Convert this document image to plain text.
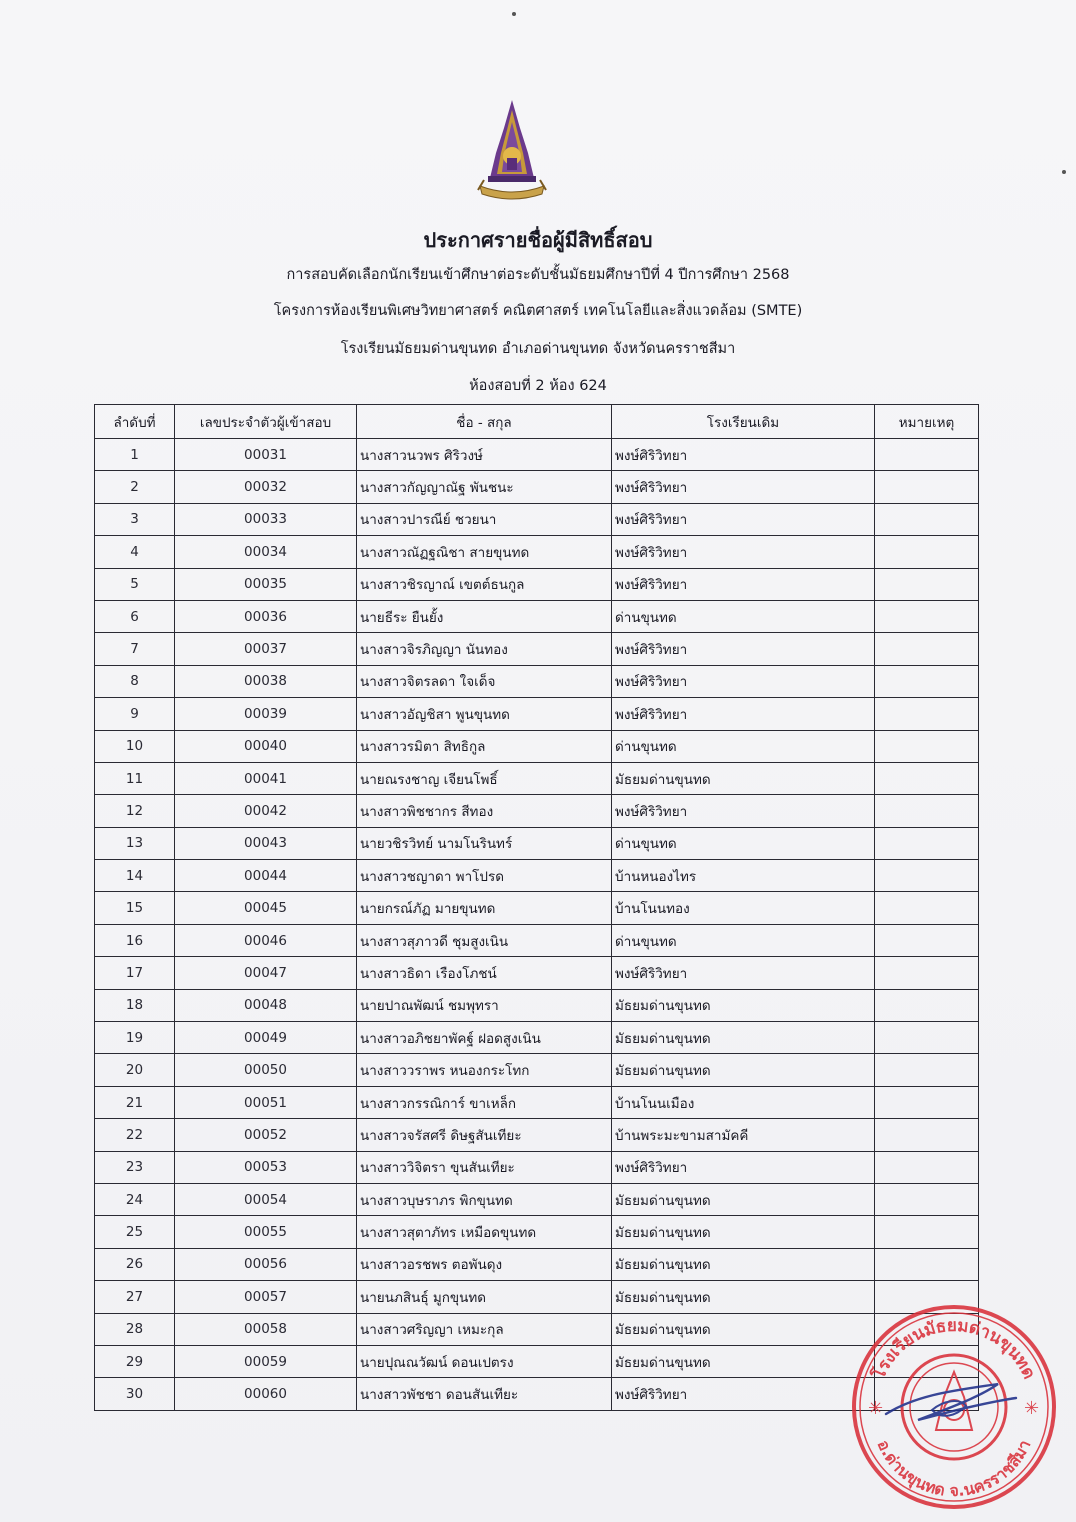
ประกาศรายชื่อผู้มีสิทธิ์สอบ
การสอบคัดเลือกนักเรียนเข้าศึกษาต่อระดับชั้นมัธยมศึกษาปีที่ 4 ปีการศึกษา 2568
โครงการห้องเรียนพิเศษวิทยาศาสตร์ คณิตศาสตร์ เทคโนโลยีและสิ่งแวดล้อม (SMTE)
โรงเรียนมัธยมด่านขุนทด อำเภอด่านขุนทด จังหวัดนครราชสีมา
ห้องสอบที่ 2 ห้อง 624
ลำดับที่	เลขประจำตัวผู้เข้าสอบ	ชื่อ - สกุล	โรงเรียนเดิม	หมายเหตุ
1	00031	นางสาวนวพร ศิริวงษ์	พงษ์ศิริวิทยา	
2	00032	นางสาวกัญญาณัฐ พันชนะ	พงษ์ศิริวิทยา	
3	00033	นางสาวปารณีย์ ชวยนา	พงษ์ศิริวิทยา	
4	00034	นางสาวณัฏฐณิชา สายขุนทด	พงษ์ศิริวิทยา	
5	00035	นางสาวชิรญาณ์ เขตต์ธนกูล	พงษ์ศิริวิทยา	
6	00036	นายธีระ ยืนยั้ง	ด่านขุนทด	
7	00037	นางสาวจิรภิญญา นันทอง	พงษ์ศิริวิทยา	
8	00038	นางสาวจิตรลดา ใจเด็จ	พงษ์ศิริวิทยา	
9	00039	นางสาวอัญชิสา พูนขุนทด	พงษ์ศิริวิทยา	
10	00040	นางสาวรมิตา สิทธิกูล	ด่านขุนทด	
11	00041	นายณรงชาญ เจียนโพธิ์	มัธยมด่านขุนทด	
12	00042	นางสาวพิชชากร สีทอง	พงษ์ศิริวิทยา	
13	00043	นายวชิรวิทย์ นามโนรินทร์	ด่านขุนทด	
14	00044	นางสาวชญาดา พาโปรด	บ้านหนองไทร	
15	00045	นายกรณ์ภัฏ มายขุนทด	บ้านโนนทอง	
16	00046	นางสาวสุภาวดี ชุมสูงเนิน	ด่านขุนทด	
17	00047	นางสาวธิดา เรืองโภชน์	พงษ์ศิริวิทยา	
18	00048	นายปาณพัฒน์ ชมพุทรา	มัธยมด่านขุนทด	
19	00049	นางสาวอภิชยาพัคฐ์ ฝอดสูงเนิน	มัธยมด่านขุนทด	
20	00050	นางสาววราพร หนองกระโทก	มัธยมด่านขุนทด	
21	00051	นางสาวกรรณิการ์ ขาเหล็ก	บ้านโนนเมือง	
22	00052	นางสาวจรัสศรี ดิษฐสันเทียะ	บ้านพระมะขามสามัคคี	
23	00053	นางสาววิจิตรา ขุนสันเทียะ	พงษ์ศิริวิทยา	
24	00054	นางสาวบุษราภร พิกขุนทด	มัธยมด่านขุนทด	
25	00055	นางสาวสุตาภัทร เหมือดขุนทด	มัธยมด่านขุนทด	
26	00056	นางสาวอรชพร ตอพันดุง	มัธยมด่านขุนทด	
27	00057	นายนภสินธุ์ มูกขุนทด	มัธยมด่านขุนทด	
28	00058	นางสาวศริญญา เหมะกุล	มัธยมด่านขุนทด	
29	00059	นายปุณณวัฒน์ ดอนเปตรง	มัธยมด่านขุนทด	
30	00060	นางสาวพัชชา ดอนสันเทียะ	พงษ์ศิริวิทยา	
✳	✳
โรงเรียนมัธยมด่านขุนทด
อ.ด่านขุนทด จ.นครราชสีมา
